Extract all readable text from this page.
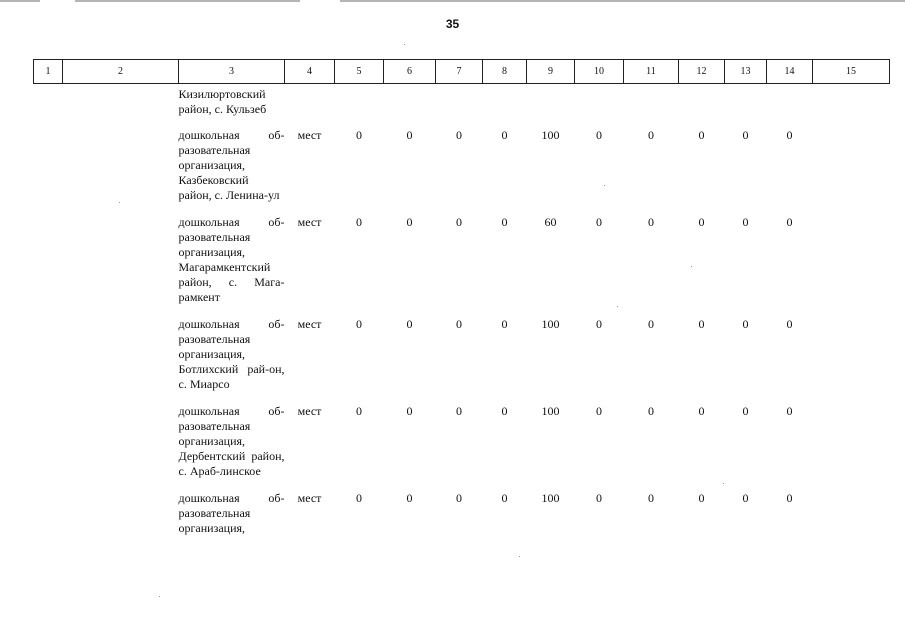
35
1	2	3	4	5	6	7	8	9	10	11	12	13	14	15
		Кизилюртовский район, с. Кульзеб												
		дошкольная об-разовательная организация, Казбековский район, с. Ленина-ул	мест	0	0	0	0	100	0	0	0	0	0	
		дошкольная об-разовательная организация, Магарамкентский район, с. Мага-рамкент	мест	0	0	0	0	60	0	0	0	0	0	
		дошкольная об-разовательная организация, Ботлихский рай-он, с. Миарсо	мест	0	0	0	0	100	0	0	0	0	0	
		дошкольная об-разовательная организация, Дербентский район, с. Араб-линское	мест	0	0	0	0	100	0	0	0	0	0	
		дошкольная об-разовательная организация,	мест	0	0	0	0	100	0	0	0	0	0	
